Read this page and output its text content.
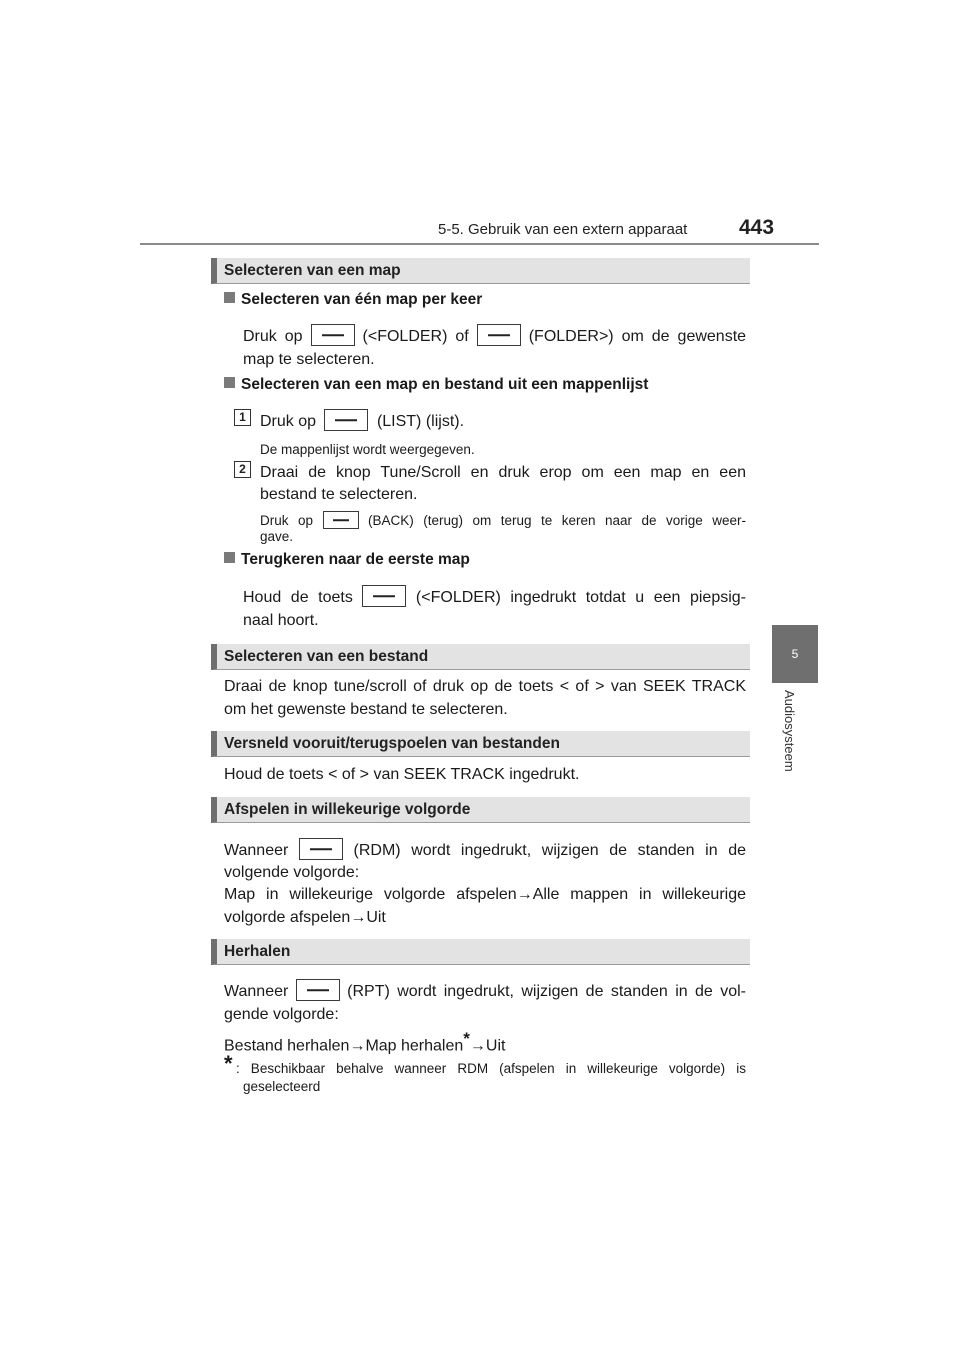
5-5. Gebruik van een extern apparaat 443
5
Audiosysteem
Selecteren van een map
Selecteren van één map per keer
Druk op	(<FOLDER) of	(FOLDER>) om de gewenste
map te selecteren.
Selecteren van een map en bestand uit een mappenlijst
1 Druk op	(LIST) (lijst).
De mappenlijst wordt weergegeven.
2 Draai de knop Tune/Scroll en druk erop om een map en een
bestand te selecteren.
Druk op	(BACK) (terug) om terug te keren naar de vorige weer-
gave.
Terugkeren naar de eerste map
Houd de toets	(<FOLDER) ingedrukt totdat u een piepsig-
naal hoort.
Selecteren van een bestand
Draai de knop tune/scroll of druk op de toets < of > van SEEK TRACK
om het gewenste bestand te selecteren.
Versneld vooruit/terugspoelen van bestanden
Houd de toets < of > van SEEK TRACK ingedrukt.
Afspelen in willekeurige volgorde
Wanneer	(RDM) wordt ingedrukt, wijzigen de standen in de
volgende volgorde:
Map in willekeurige volgorde afspelen→Alle mappen in willekeurige
volgorde afspelen→Uit
Herhalen
Wanneer	(RPT) wordt ingedrukt, wijzigen de standen in de vol-
gende volgorde:
Bestand herhalen→Map herhalen*→Uit
* : Beschikbaar behalve wanneer RDM (afspelen in willekeurige volgorde) is
geselecteerd
